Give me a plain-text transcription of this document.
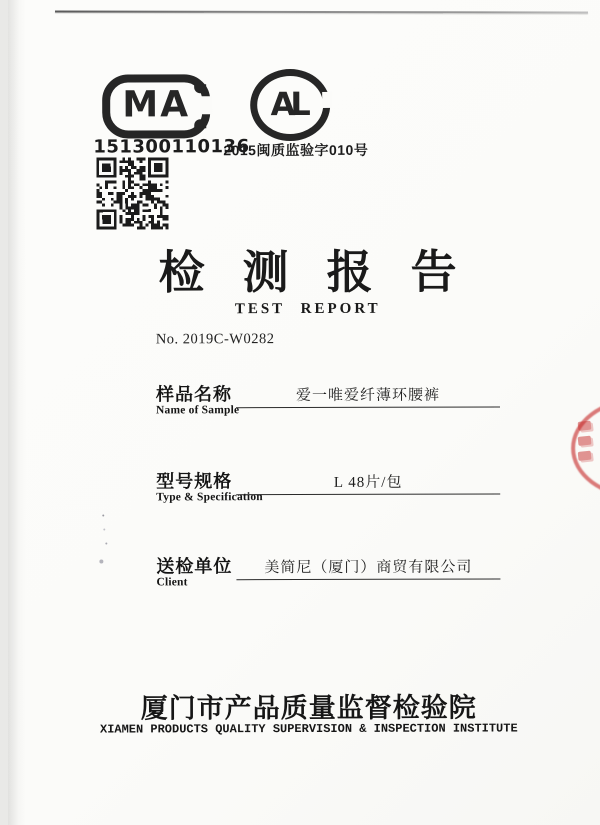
MA
151300110136
AL
2015闽质监验字010号
检测报告
TEST REPORT
No. 2019C-W0282
样品名称
Name of Sample
爱一唯爱纤薄环腰裤
型号规格
Type & Specification
L 48片/包
送检单位
Client
美简尼（厦门）商贸有限公司
厦门市产品质量监督检验院
XIAMEN PRODUCTS QUALITY SUPERVISION & INSPECTION INSTITUTE
